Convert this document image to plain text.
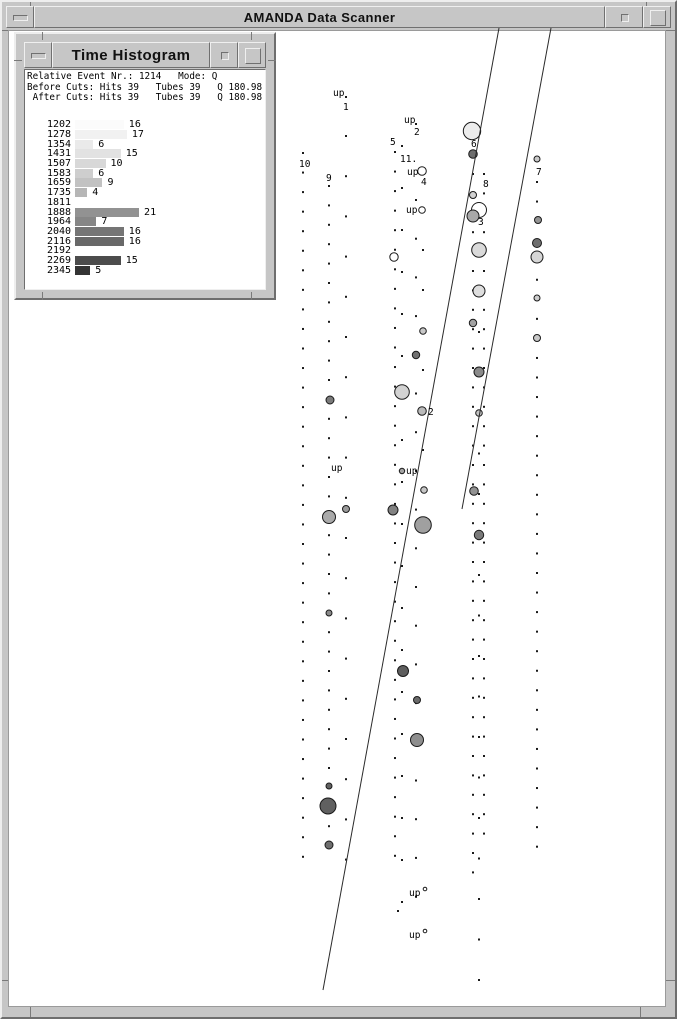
AMANDA Data Scanner
up
1
up
2
5	6
11.
10
up	7
9	4	8
up
3
2
up	up
up
up
Time Histogram
Relative Event Nr.: 1214   Mode: Q
Before Cuts: Hits 39   Tubes 39   Q 180.98
After Cuts: Hits 39   Tubes 39   Q 180.98
1202	16
1278	17
1354	6
1431	15
1507	10
1583	6
1659	9
1735 4
1811
1888	21
1964	7
2040	16
2116	16
2192
2269	15
2345 5
